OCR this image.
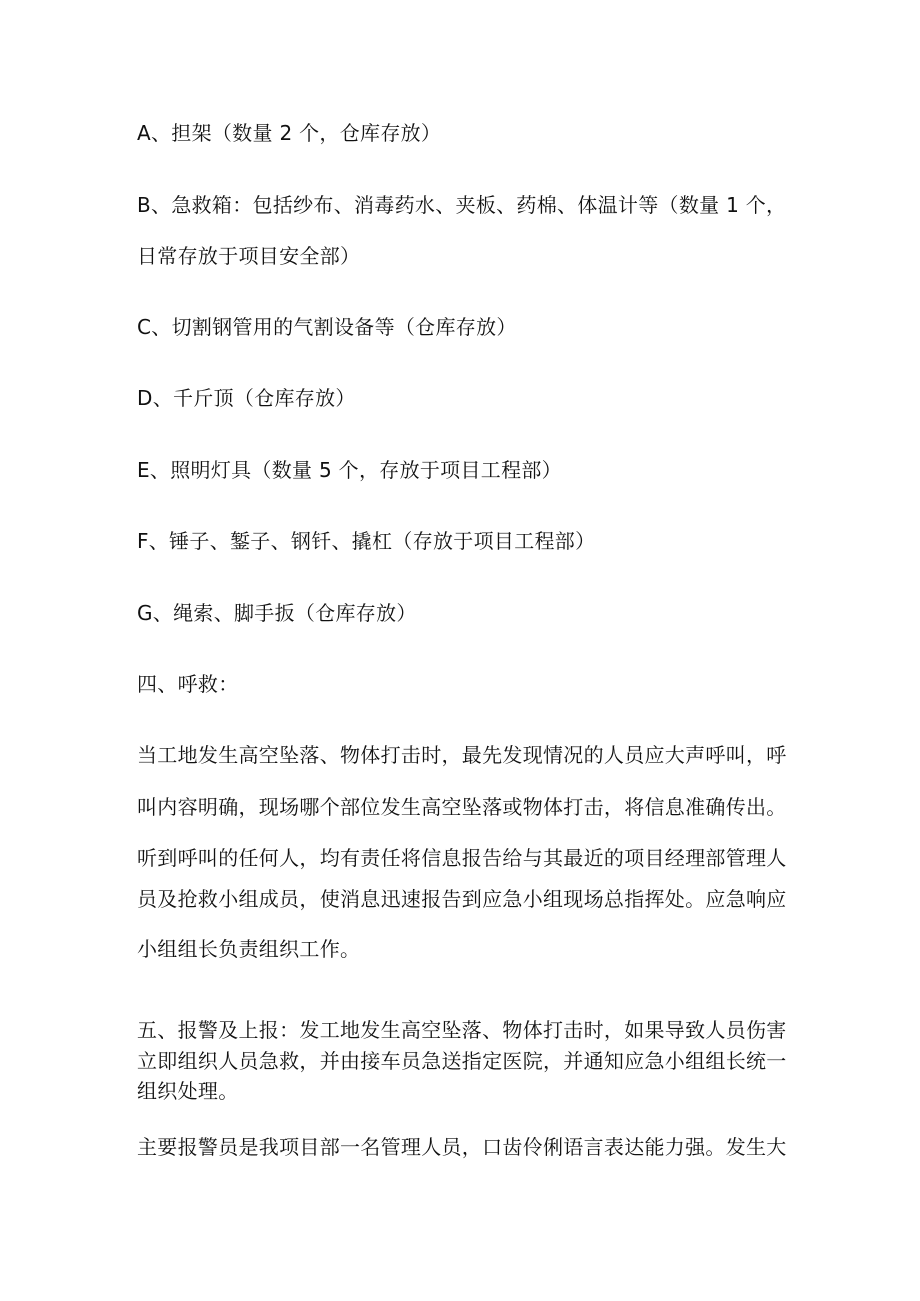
A、担架（数量 2 个，仓库存放）
B、急救箱：包括纱布、消毒药水、夹板、药棉、体温计等（数量 1 个，
日常存放于项目安全部）
C、切割钢管用的气割设备等（仓库存放）
D、千斤顶（仓库存放）
E、照明灯具（数量 5 个，存放于项目工程部）
F、锤子、錾子、钢钎、撬杠（存放于项目工程部）
G、绳索、脚手扳（仓库存放）
四、呼救：
当工地发生高空坠落、物体打击时，最先发现情况的人员应大声呼叫，呼
叫内容明确，现场哪个部位发生高空坠落或物体打击，将信息准确传出。
听到呼叫的任何人，均有责任将信息报告给与其最近的项目经理部管理人
员及抢救小组成员，使消息迅速报告到应急小组现场总指挥处。应急响应
小组组长负责组织工作。
五、报警及上报：发工地发生高空坠落、物体打击时，如果导致人员伤害
立即组织人员急救，并由接车员急送指定医院，并通知应急小组组长统一
组织处理。
主要报警员是我项目部一名管理人员，口齿伶俐语言表达能力强。发生大
